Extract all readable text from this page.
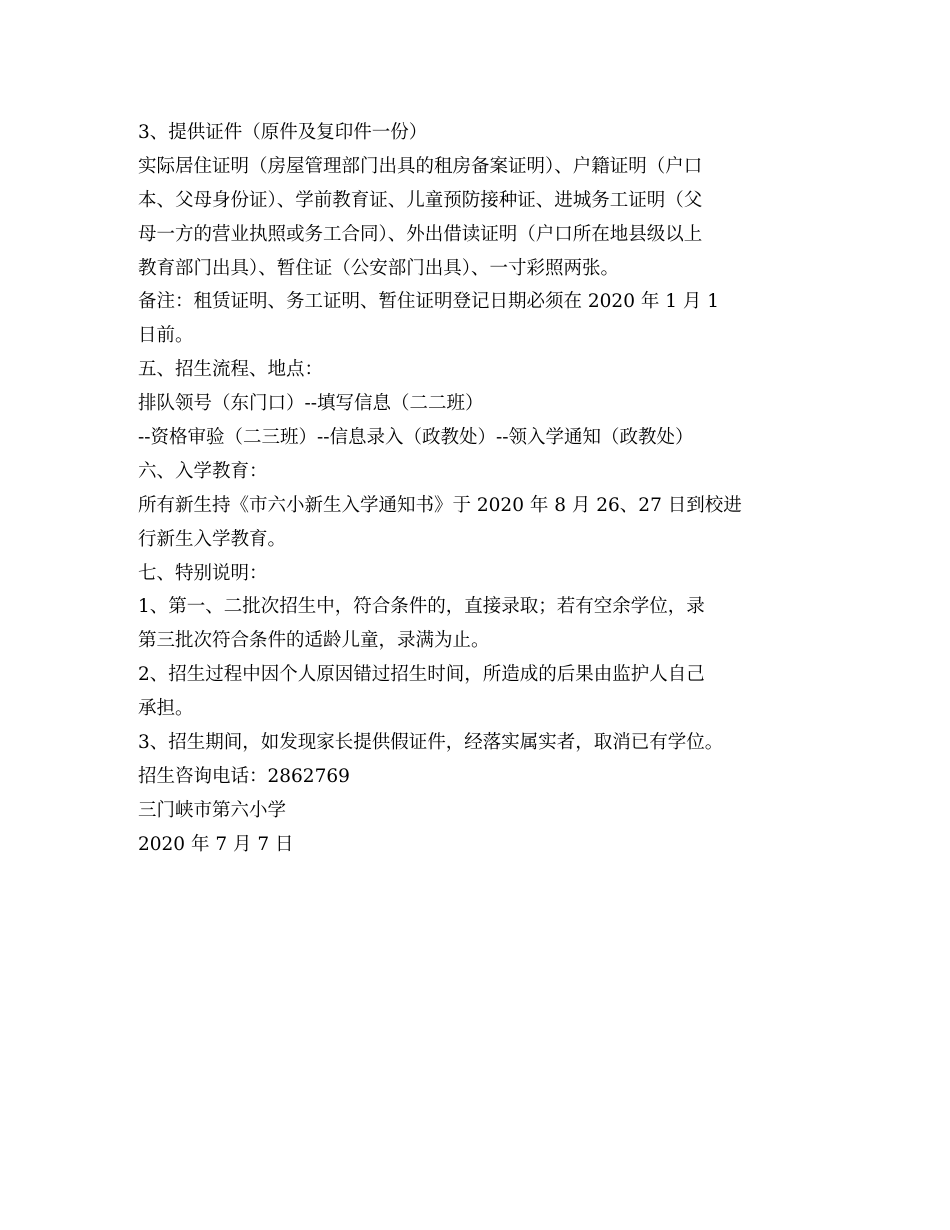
3、提供证件（原件及复印件一份）
实际居住证明（房屋管理部门出具的租房备案证明）、户籍证明（户口
本、父母身份证）、学前教育证、儿童预防接种证、进城务工证明（父
母一方的营业执照或务工合同）、外出借读证明（户口所在地县级以上
教育部门出具）、暂住证（公安部门出具）、一寸彩照两张。
备注：租赁证明、务工证明、暂住证明登记日期必须在 2020 年 1 月 1
日前。
五、招生流程、地点：
排队领号（东门口）--填写信息（二二班）
--资格审验（二三班）--信息录入（政教处）--领入学通知（政教处）
六、入学教育：
所有新生持《市六小新生入学通知书》于 2020 年 8 月 26、27 日到校进
行新生入学教育。
七、特别说明：
1、第一、二批次招生中，符合条件的，直接录取；若有空余学位，录
第三批次符合条件的适龄儿童，录满为止。
2、招生过程中因个人原因错过招生时间，所造成的后果由监护人自己
承担。
3、招生期间，如发现家长提供假证件，经落实属实者，取消已有学位。
招生咨询电话：2862769
三门峡市第六小学
2020 年 7 月 7 日
